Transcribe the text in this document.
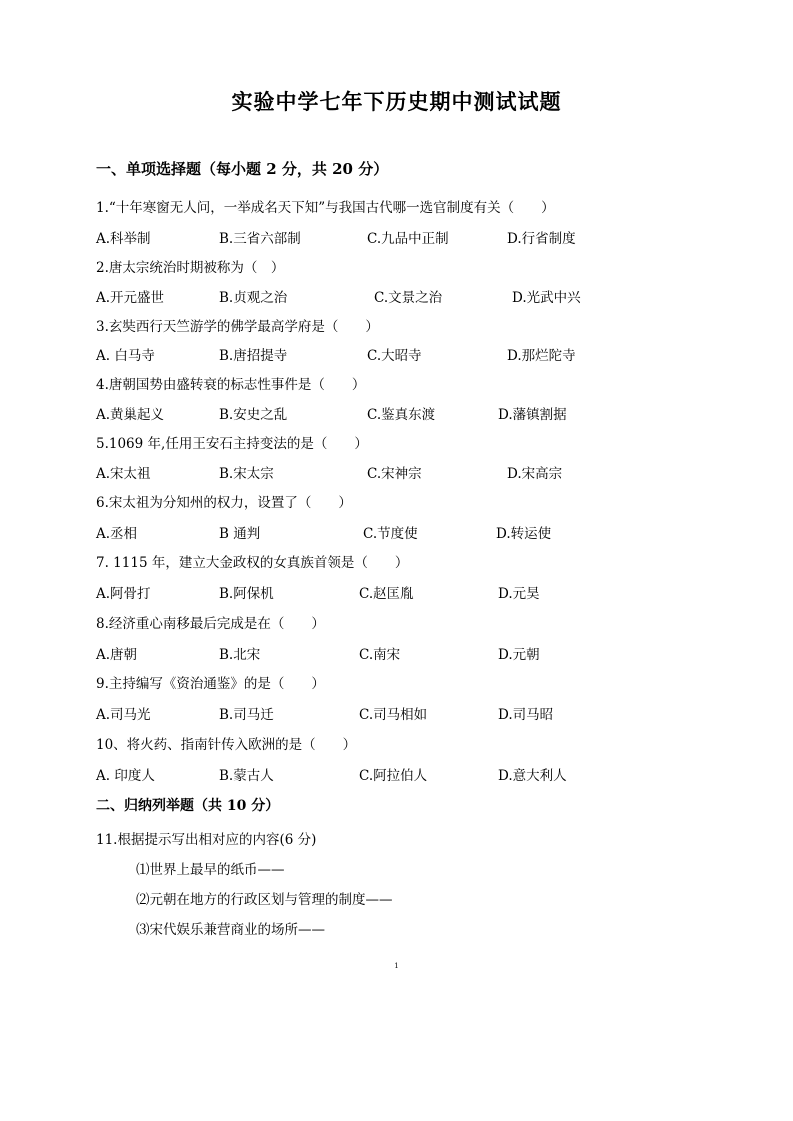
实验中学七年下历史期中测试试题
一、单项选择题（每小题 2 分，共 20 分）
1.“十年寒窗无人问，一举成名天下知”与我国古代哪一选官制度有关（　　）
A.科举制	B.三省六部制	C.九品中正制	D.行省制度
2.唐太宗统治时期被称为（　）
A.开元盛世	B.贞观之治	C.文景之治	D.光武中兴
3.玄奘西行天竺游学的佛学最高学府是（　　）
A. 白马寺	B.唐招提寺	C.大昭寺	D.那烂陀寺
4.唐朝国势由盛转衰的标志性事件是（　　）
A.黄巢起义	B.安史之乱	C.鉴真东渡	D.藩镇割据
5.1069 年,任用王安石主持变法的是（　　）
A.宋太祖	B.宋太宗	C.宋神宗	D.宋高宗
6.宋太祖为分知州的权力，设置了（　　）
A.丞相	B 通判	C.节度使	D.转运使
7. 1115 年，建立大金政权的女真族首领是（　　）
A.阿骨打	B.阿保机	C.赵匡胤	D.元昊
8.经济重心南移最后完成是在（　　）
A.唐朝	B.北宋	C.南宋	D.元朝
9.主持编写《资治通鉴》的是（　　）
A.司马光	B.司马迁	C.司马相如	D.司马昭
10、将火药、指南针传入欧洲的是（　　）
A. 印度人	B.蒙古人	C.阿拉伯人	D.意大利人
二、归纳列举题（共 10 分）
11.根据提示写出相对应的内容(6 分)
⑴世界上最早的纸币——
⑵元朝在地方的行政区划与管理的制度——
⑶宋代娱乐兼营商业的场所——
1
